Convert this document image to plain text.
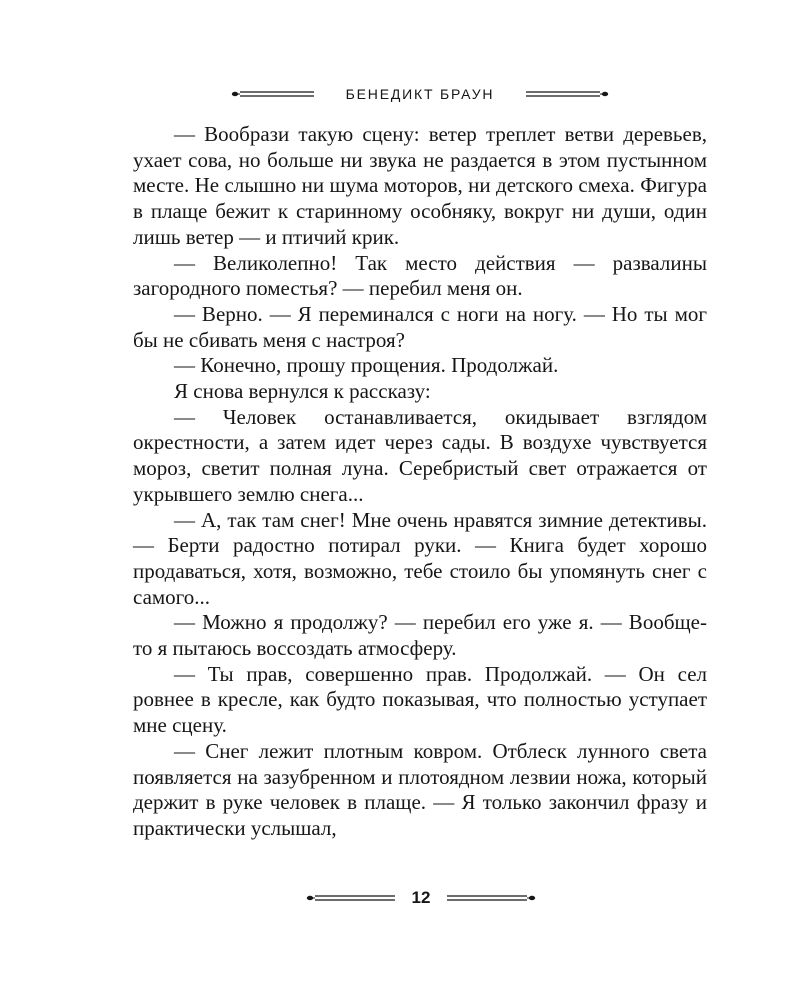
БЕНЕДИКТ БРАУН

— Вообрази такую сцену: ветер треплет ветви деревьев, ухает сова, но больше ни звука не раздается в этом пустынном месте. Не слышно ни шума моторов, ни детского смеха. Фигура в плаще бежит к старинному особняку, вокруг ни души, один лишь ветер — и птичий крик.

— Великолепно! Так место действия — развалины загородного поместья? — перебил меня он.

— Верно. — Я переминался с ноги на ногу. — Но ты мог бы не сбивать меня с настроя?

— Конечно, прошу прощения. Продолжай.

Я снова вернулся к рассказу:

— Человек останавливается, окидывает взглядом окрестности, а затем идет через сады. В воздухе чувствуется мороз, светит полная луна. Серебристый свет отражается от укрывшего землю снега...

— А, так там снег! Мне очень нравятся зимние детективы. — Берти радостно потирал руки. — Книга будет хорошо продаваться, хотя, возможно, тебе стоило бы упомянуть снег с самого...

— Можно я продолжу? — перебил его уже я. — Вообще-то я пытаюсь воссоздать атмосферу.

— Ты прав, совершенно прав. Продолжай. — Он сел ровнее в кресле, как будто показывая, что полностью уступает мне сцену.

— Снег лежит плотным ковром. Отблеск лунного света появляется на зазубренном и плотоядном лезвии ножа, который держит в руке человек в плаще. — Я только закончил фразу и практически услышал,

12
